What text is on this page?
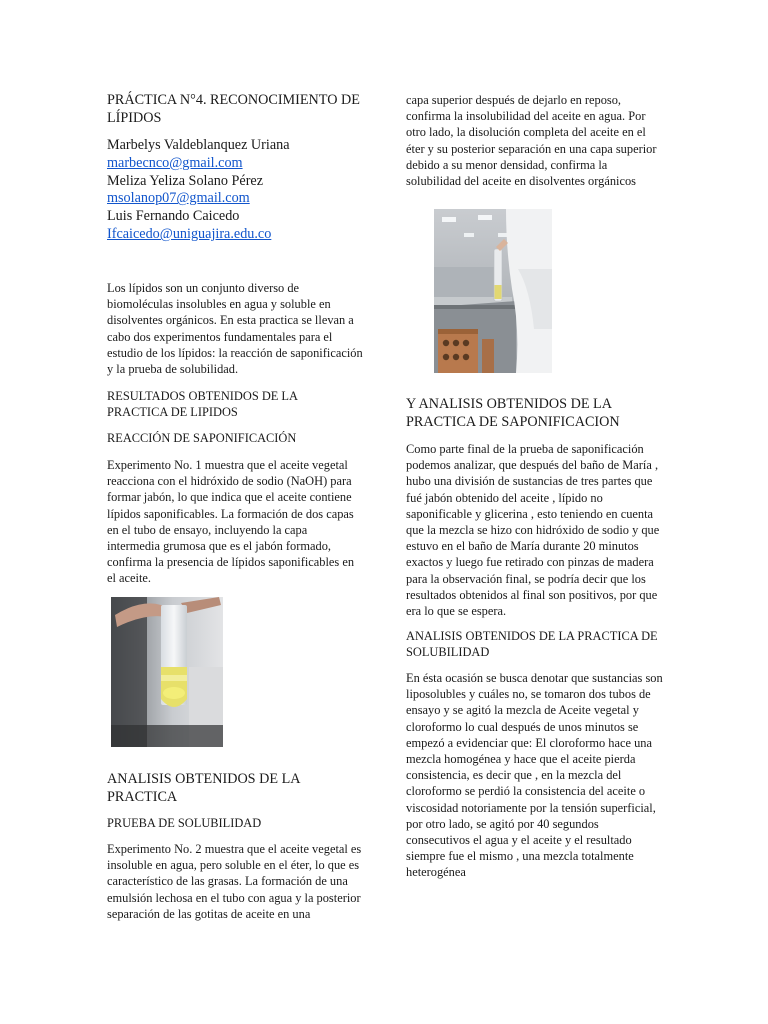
PRÁCTICA N°4. RECONOCIMIENTO DE LÍPIDOS

Marbelys Valdeblanquez Uriana
marbecnco@gmail.com
Meliza Yeliza Solano Pérez
msolanop07@gmail.com
Luis Fernando Caicedo
Ifcaicedo@uniguajira.edu.co

Los lípidos son un conjunto diverso de biomoléculas insolubles en agua y soluble en disolventes orgánicos. En esta practica se llevan a cabo dos experimentos fundamentales para el estudio de los lípidos: la reacción de saponificación y la prueba de solubilidad.

RESULTADOS OBTENIDOS DE LA PRACTICA DE LIPIDOS

REACCIÓN DE SAPONIFICACIÓN

Experimento No. 1 muestra que el aceite vegetal reacciona con el hidróxido de sodio (NaOH) para formar jabón, lo que indica que el aceite contiene lípidos saponificables. La formación de dos capas en el tubo de ensayo, incluyendo la capa intermedia grumosa que es el jabón formado, confirma la presencia de lípidos saponificables en el aceite.

ANALISIS OBTENIDOS DE LA PRACTICA

PRUEBA DE SOLUBILIDAD

Experimento No. 2 muestra que el aceite vegetal es insoluble en agua, pero soluble en el éter, lo que es característico de las grasas. La formación de una emulsión lechosa en el tubo con agua y la posterior separación de las gotitas de aceite en una

capa superior después de dejarlo en reposo, confirma la insolubilidad del aceite en agua. Por otro lado, la disolución completa del aceite en el éter y su posterior separación en una capa superior debido a su menor densidad, confirma la solubilidad del aceite en disolventes orgánicos

Y ANALISIS OBTENIDOS DE LA PRACTICA DE SAPONIFICACION

Como parte final de la prueba de saponificación podemos analizar, que después del baño de María , hubo una división de sustancias de tres partes que fué jabón obtenido del aceite , lípido no saponificable y glicerina , esto teniendo en cuenta que la mezcla se hizo con hidróxido de sodio y que estuvo en el baño de María durante 20 minutos exactos y luego fue retirado con pinzas de madera para la observación final, se podría decir que los resultados obtenidos al final son positivos, por que era lo que se espera.

ANALISIS OBTENIDOS DE LA PRACTICA DE SOLUBILIDAD

En ésta ocasión se busca denotar que sustancias son liposolubles y cuáles no, se tomaron dos tubos de ensayo y se agitó la mezcla de Aceite vegetal y cloroformo lo cual después de unos minutos se empezó a evidenciar que: El cloroformo hace una mezcla homogénea y hace que el aceite pierda consistencia, es decir que , en la mezcla del cloroformo se perdió la consistencia del aceite o viscosidad notoriamente por la tensión superficial, por otro lado, se agitó por 40 segundos consecutivos el agua y el aceite y el resultado siempre fue el mismo , una mezcla totalmente heterogénea
